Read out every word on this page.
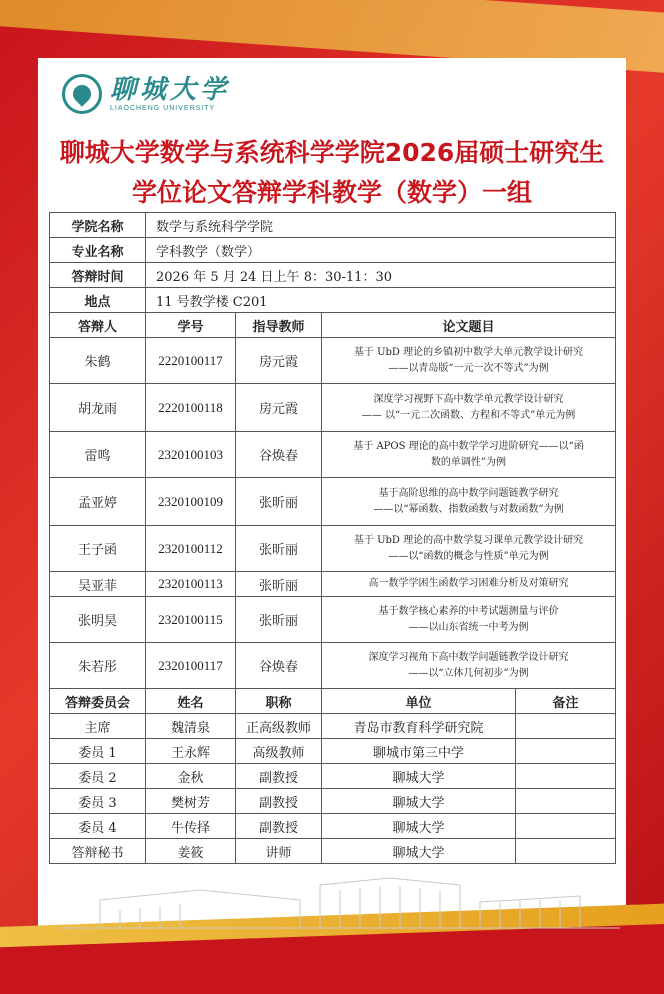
聊城大学
LIAOCHENG UNIVERSITY
聊城大学数学与系统科学学院2026届硕士研究生
学位论文答辩学科教学（数学）一组
学院名称	数学与系统科学学院			
专业名称	学科教学（数学）			
答辩时间	2026 年 5 月 24 日上午 8：30-11：30			
地点	11 号教学楼 C201			
答辩人	学号	指导教师	论文题目	
朱鹤	2220100117	房元霞	基于 UbD 理论的乡镇初中数学大单元教学设计研究
——以青岛版“一元一次不等式”为例	

胡龙雨	2220100118	房元霞	深度学习视野下高中数学单元教学设计研究
—— 以“一元二次函数、方程和不等式”单元为例	

雷鸣	2320100103	谷焕春	基于 APOS 理论的高中数学学习进阶研究——以“函
数的单调性”为例	

孟亚婷	2320100109	张昕丽	基于高阶思维的高中数学问题链教学研究
——以“幂函数、指数函数与对数函数”为例	

王子函	2320100112	张昕丽	基于 UbD 理论的高中数学复习课单元教学设计研究
——以“函数的概念与性质”单元为例	

吴亚菲	2320100113	张昕丽	高一数学学困生函数学习困难分析及对策研究	

张明昊	2320100115	张昕丽	基于数学核心素养的中考试题测量与评价
——以山东省统一中考为例	

朱若彤	2320100117	谷焕春	深度学习视角下高中数学问题链教学设计研究
——以“立体几何初步”为例	

答辩委员会	姓名	职称	单位	备注
主席	魏清泉	正高级教师	青岛市教育科学研究院	
委员 1	王永辉	高级教师	聊城市第三中学	
委员 2	金秋	副教授	聊城大学	
委员 3	樊树芳	副教授	聊城大学	
委员 4	牛传择	副教授	聊城大学	
答辩秘书	姜筱	讲师	聊城大学	
